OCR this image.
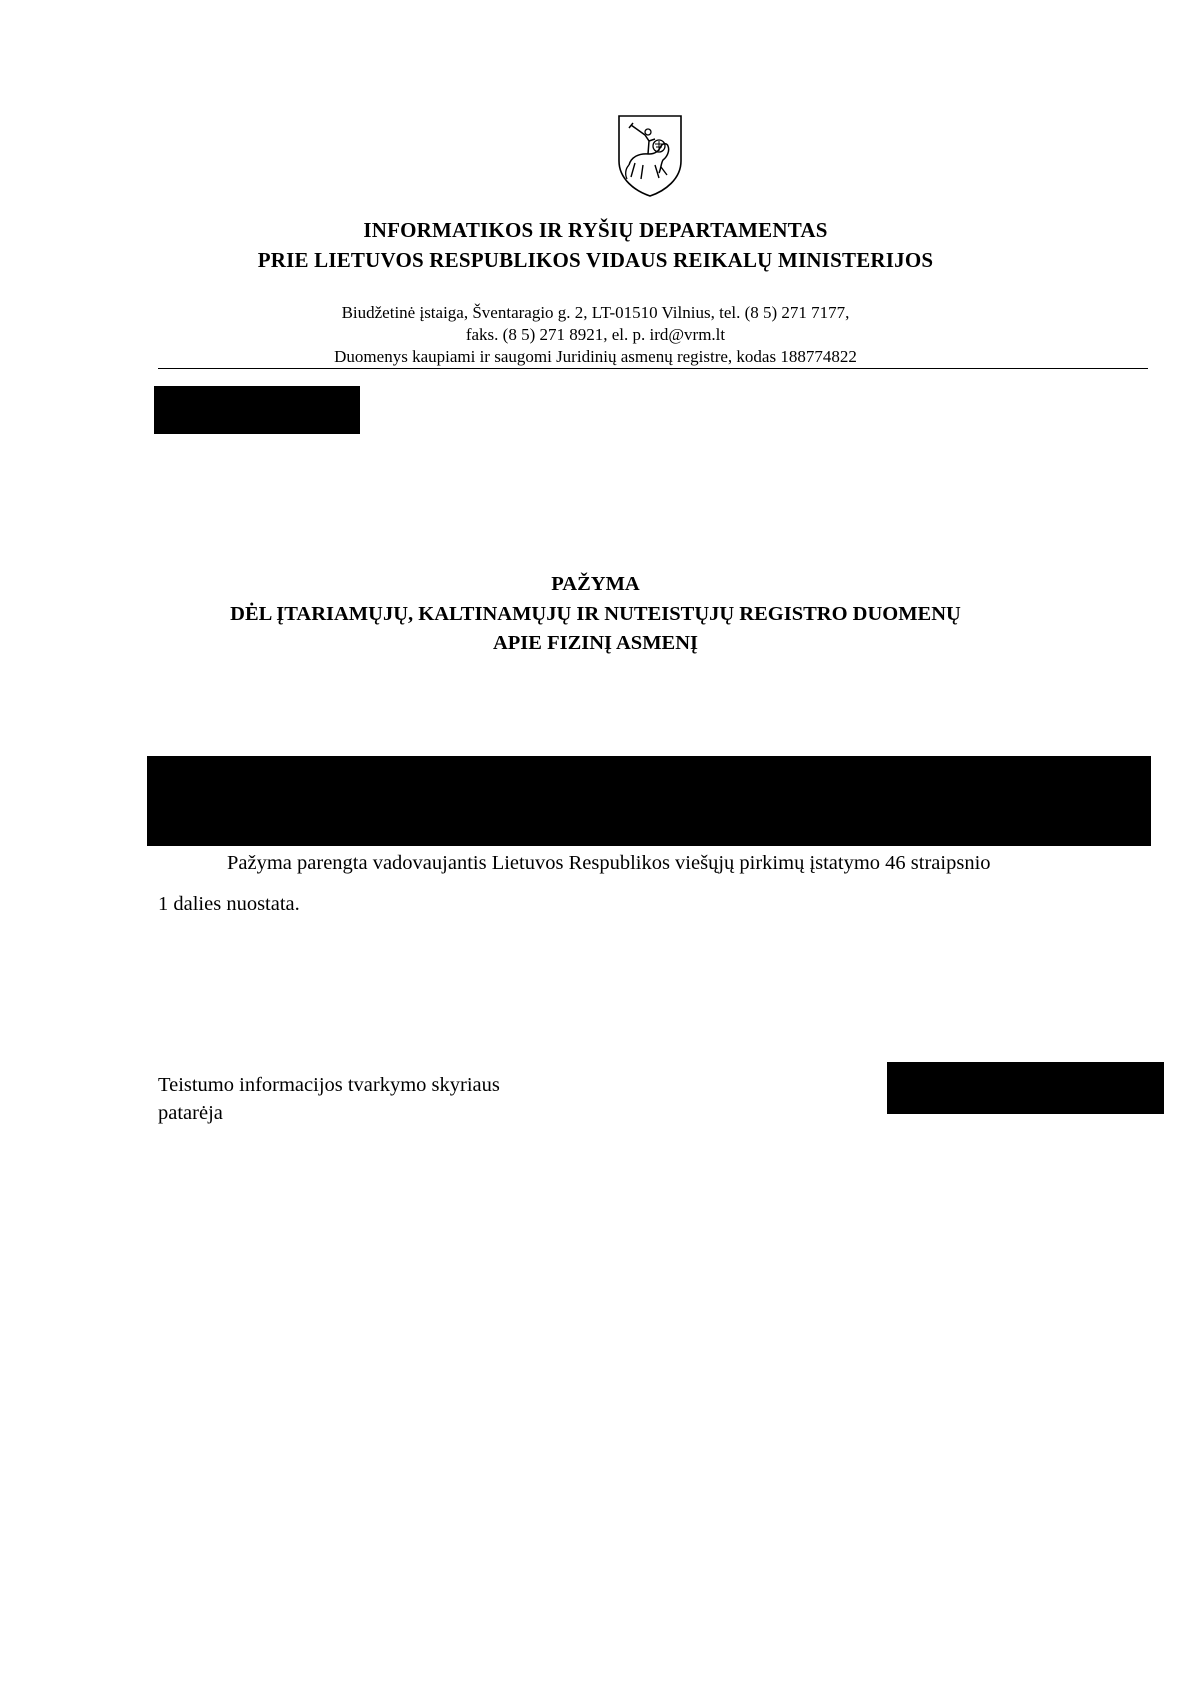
INFORMATIKOS IR RYŠIŲ DEPARTAMENTAS
PRIE LIETUVOS RESPUBLIKOS VIDAUS REIKALŲ MINISTERIJOS
Biudžetinė įstaiga, Šventaragio g. 2, LT-01510 Vilnius, tel. (8 5) 271 7177,
faks. (8 5) 271 8921, el. p. ird@vrm.lt
Duomenys kaupiami ir saugomi Juridinių asmenų registre, kodas 188774822
PAŽYMA
DĖL ĮTARIAMŲJŲ, KALTINAMŲJŲ IR NUTEISTŲJŲ REGISTRO DUOMENŲ
APIE FIZINĮ ASMENĮ
Pažyma parengta vadovaujantis Lietuvos Respublikos viešųjų pirkimų įstatymo 46 straipsnio
1 dalies nuostata.
Teistumo informacijos tvarkymo skyriaus
patarėja
